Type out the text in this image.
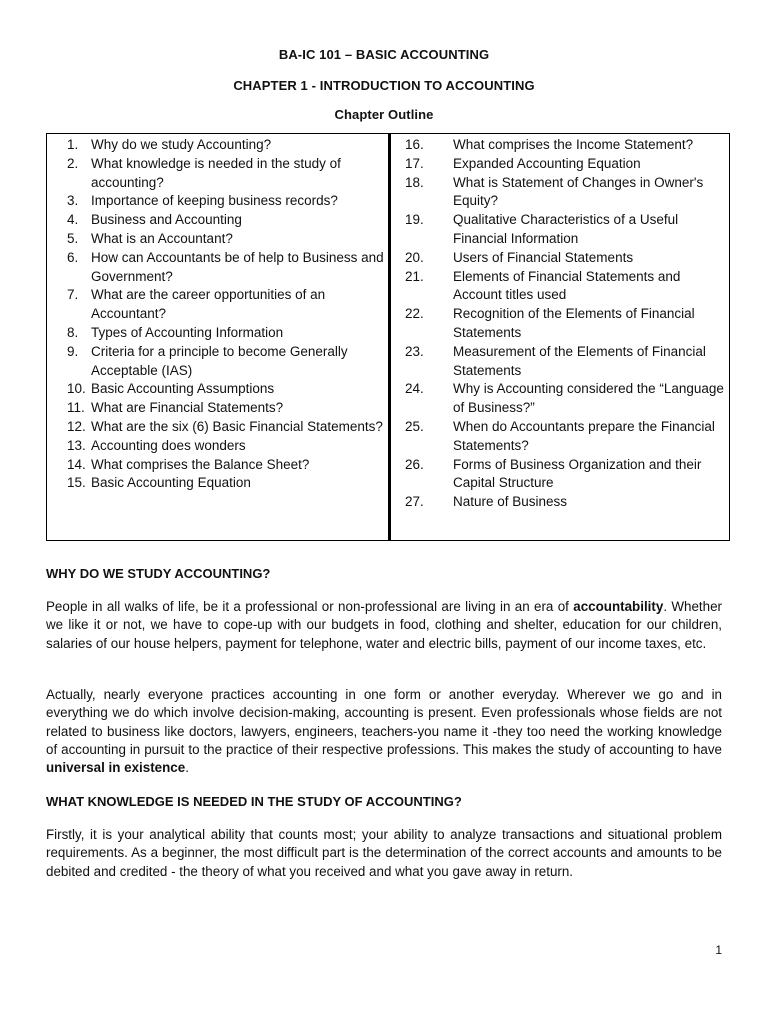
BA-IC 101 – BASIC ACCOUNTING
CHAPTER 1 - INTRODUCTION TO ACCOUNTING
Chapter Outline
1. Why do we study Accounting?
2. What knowledge is needed in the study of accounting?
3. Importance of keeping business records?
4. Business and Accounting
5. What is an Accountant?
6. How can Accountants be of help to Business and Government?
7. What are the career opportunities of an Accountant?
8. Types of Accounting Information
9. Criteria for a principle to become Generally Acceptable (IAS)
10. Basic Accounting Assumptions
11. What are Financial Statements?
12. What are the six (6) Basic Financial Statements?
13. Accounting does wonders
14. What comprises the Balance Sheet?
15. Basic Accounting Equation
16.	What comprises the Income Statement?
17.	Expanded Accounting Equation
18.	What is Statement of Changes in Owner's Equity?
19.	Qualitative Characteristics of a Useful Financial Information
20.	Users of Financial Statements
21.	Elements of Financial Statements and Account titles used
22.	Recognition of the Elements of Financial Statements
23.	Measurement of the Elements of Financial Statements
24.	Why is Accounting considered the “Language of Business?”
25.	When do Accountants prepare the Financial Statements?
26.	Forms of Business Organization and their Capital Structure
27.	Nature of Business
WHY DO WE STUDY ACCOUNTING?

People in all walks of life, be it a professional or non-professional are living in an era of accountability. Whether we like it or not, we have to cope-up with our budgets in food, clothing and shelter, education for our children, salaries of our house helpers, payment for telephone, water and electric bills, payment of our income taxes, etc.

Actually, nearly everyone practices accounting in one form or another everyday. Wherever we go and in everything we do which involve decision-making, accounting is present. Even professionals whose fields are not related to business like doctors, lawyers, engineers, teachers-you name it -they too need the working knowledge of accounting in pursuit to the practice of their respective professions. This makes the study of accounting to have universal in existence.

WHAT KNOWLEDGE IS NEEDED IN THE STUDY OF ACCOUNTING?

Firstly, it is your analytical ability that counts most; your ability to analyze transactions and situational problem requirements. As a beginner, the most difficult part is the determination of the correct accounts and amounts to be debited and credited - the theory of what you received and what you gave away in return.

1
